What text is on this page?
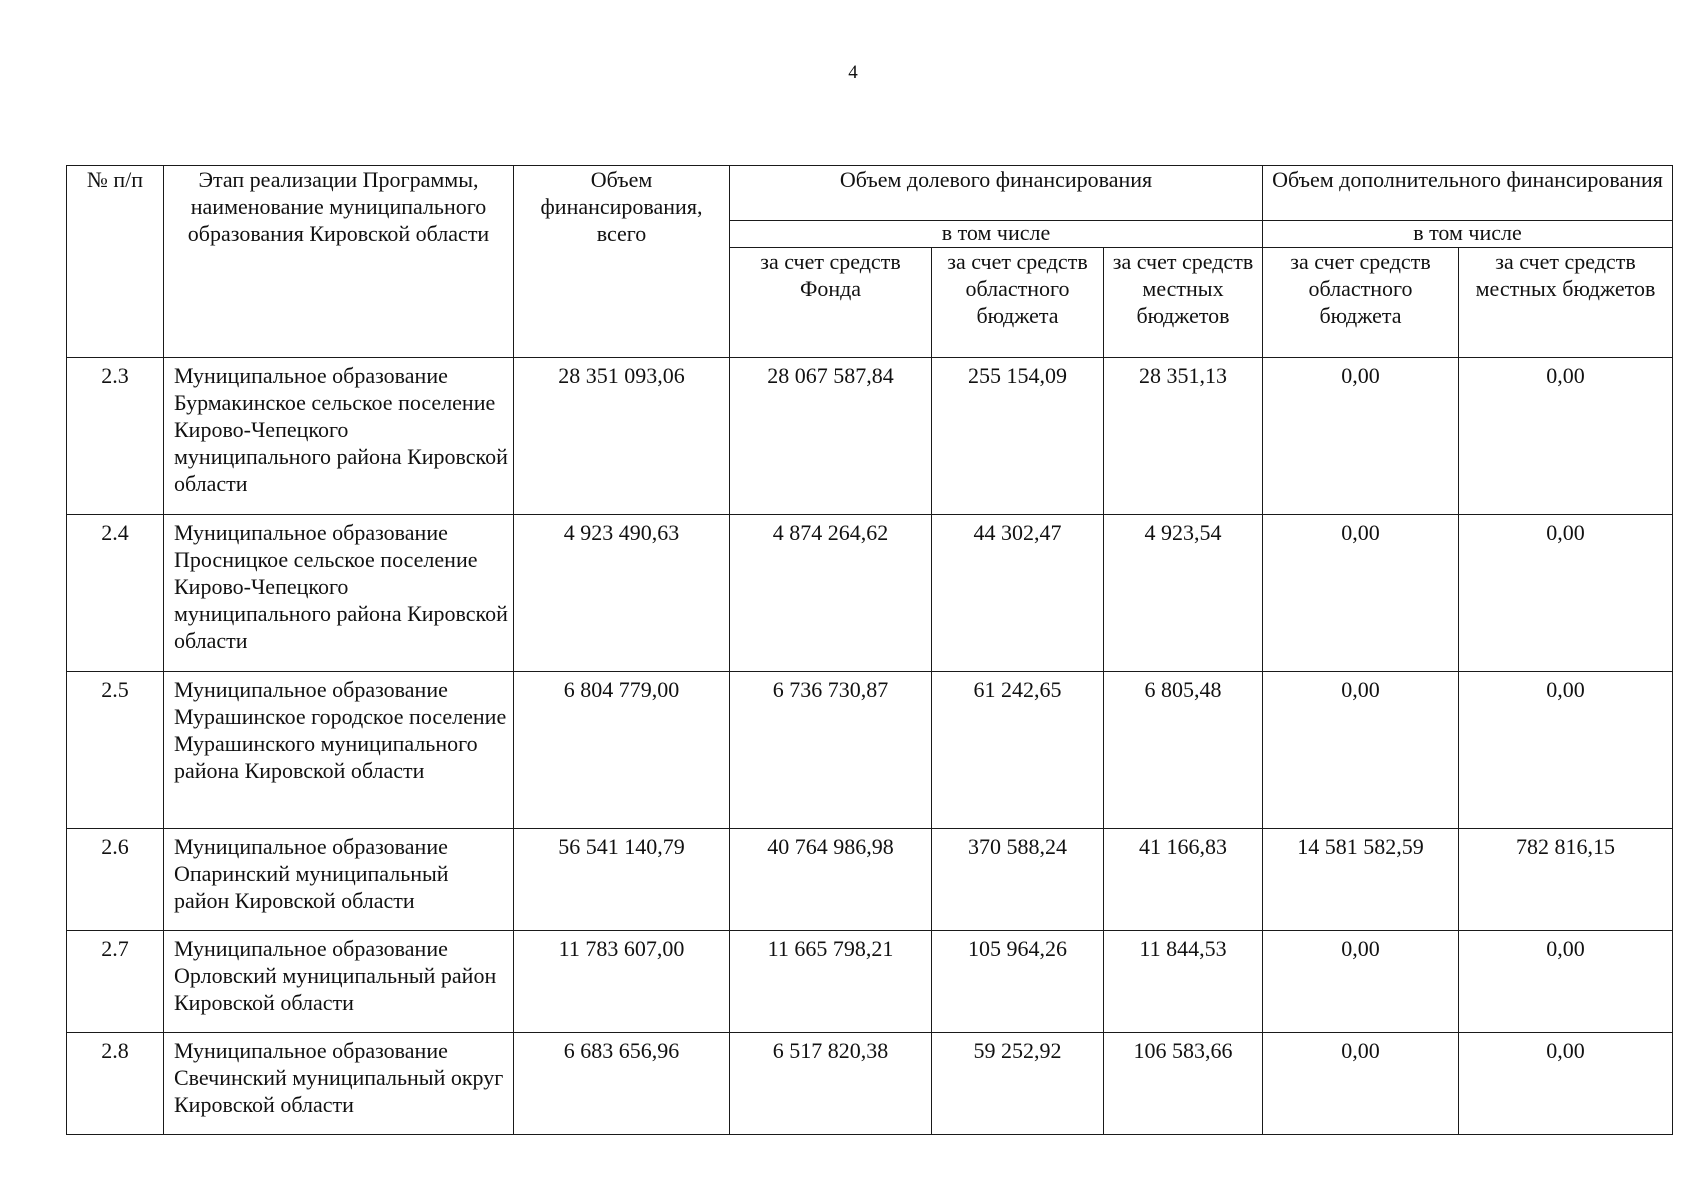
4
№ п/п	Этап реализации Программы, наименование муниципального образования Кировской области	Объем финансирования, всего	Объем долевого финансирования			Объем дополнительного финансирования	

			в том числе			в том числе	

			за счет средств Фонда	за счет средств областного бюджета	за счет средств местных бюджетов	за счет средств областного бюджета	за счет средств местных бюджетов

2.3	Муниципальное образование Бурмакинское сельское поселение Кирово-Чепецкого муниципального района Кировской области	28 351 093,06	28 067 587,84	255 154,09	28 351,13	0,00	0,00
2.4	Муниципальное образование Просницкое сельское поселение Кирово-Чепецкого муниципального района Кировской области	4 923 490,63	4 874 264,62	44 302,47	4 923,54	0,00	0,00
2.5	Муниципальное образование Мурашинское городское поселение Мурашинского муниципального района Кировской области	6 804 779,00	6 736 730,87	61 242,65	6 805,48	0,00	0,00
2.6	Муниципальное образование Опаринский муниципальный район Кировской области	56 541 140,79	40 764 986,98	370 588,24	41 166,83	14 581 582,59	782 816,15
2.7	Муниципальное образование Орловский муниципальный район Кировской области	11 783 607,00	11 665 798,21	105 964,26	11 844,53	0,00	0,00
2.8	Муниципальное образование Свечинский муниципальный округ Кировской области	6 683 656,96	6 517 820,38	59 252,92	106 583,66	0,00	0,00
